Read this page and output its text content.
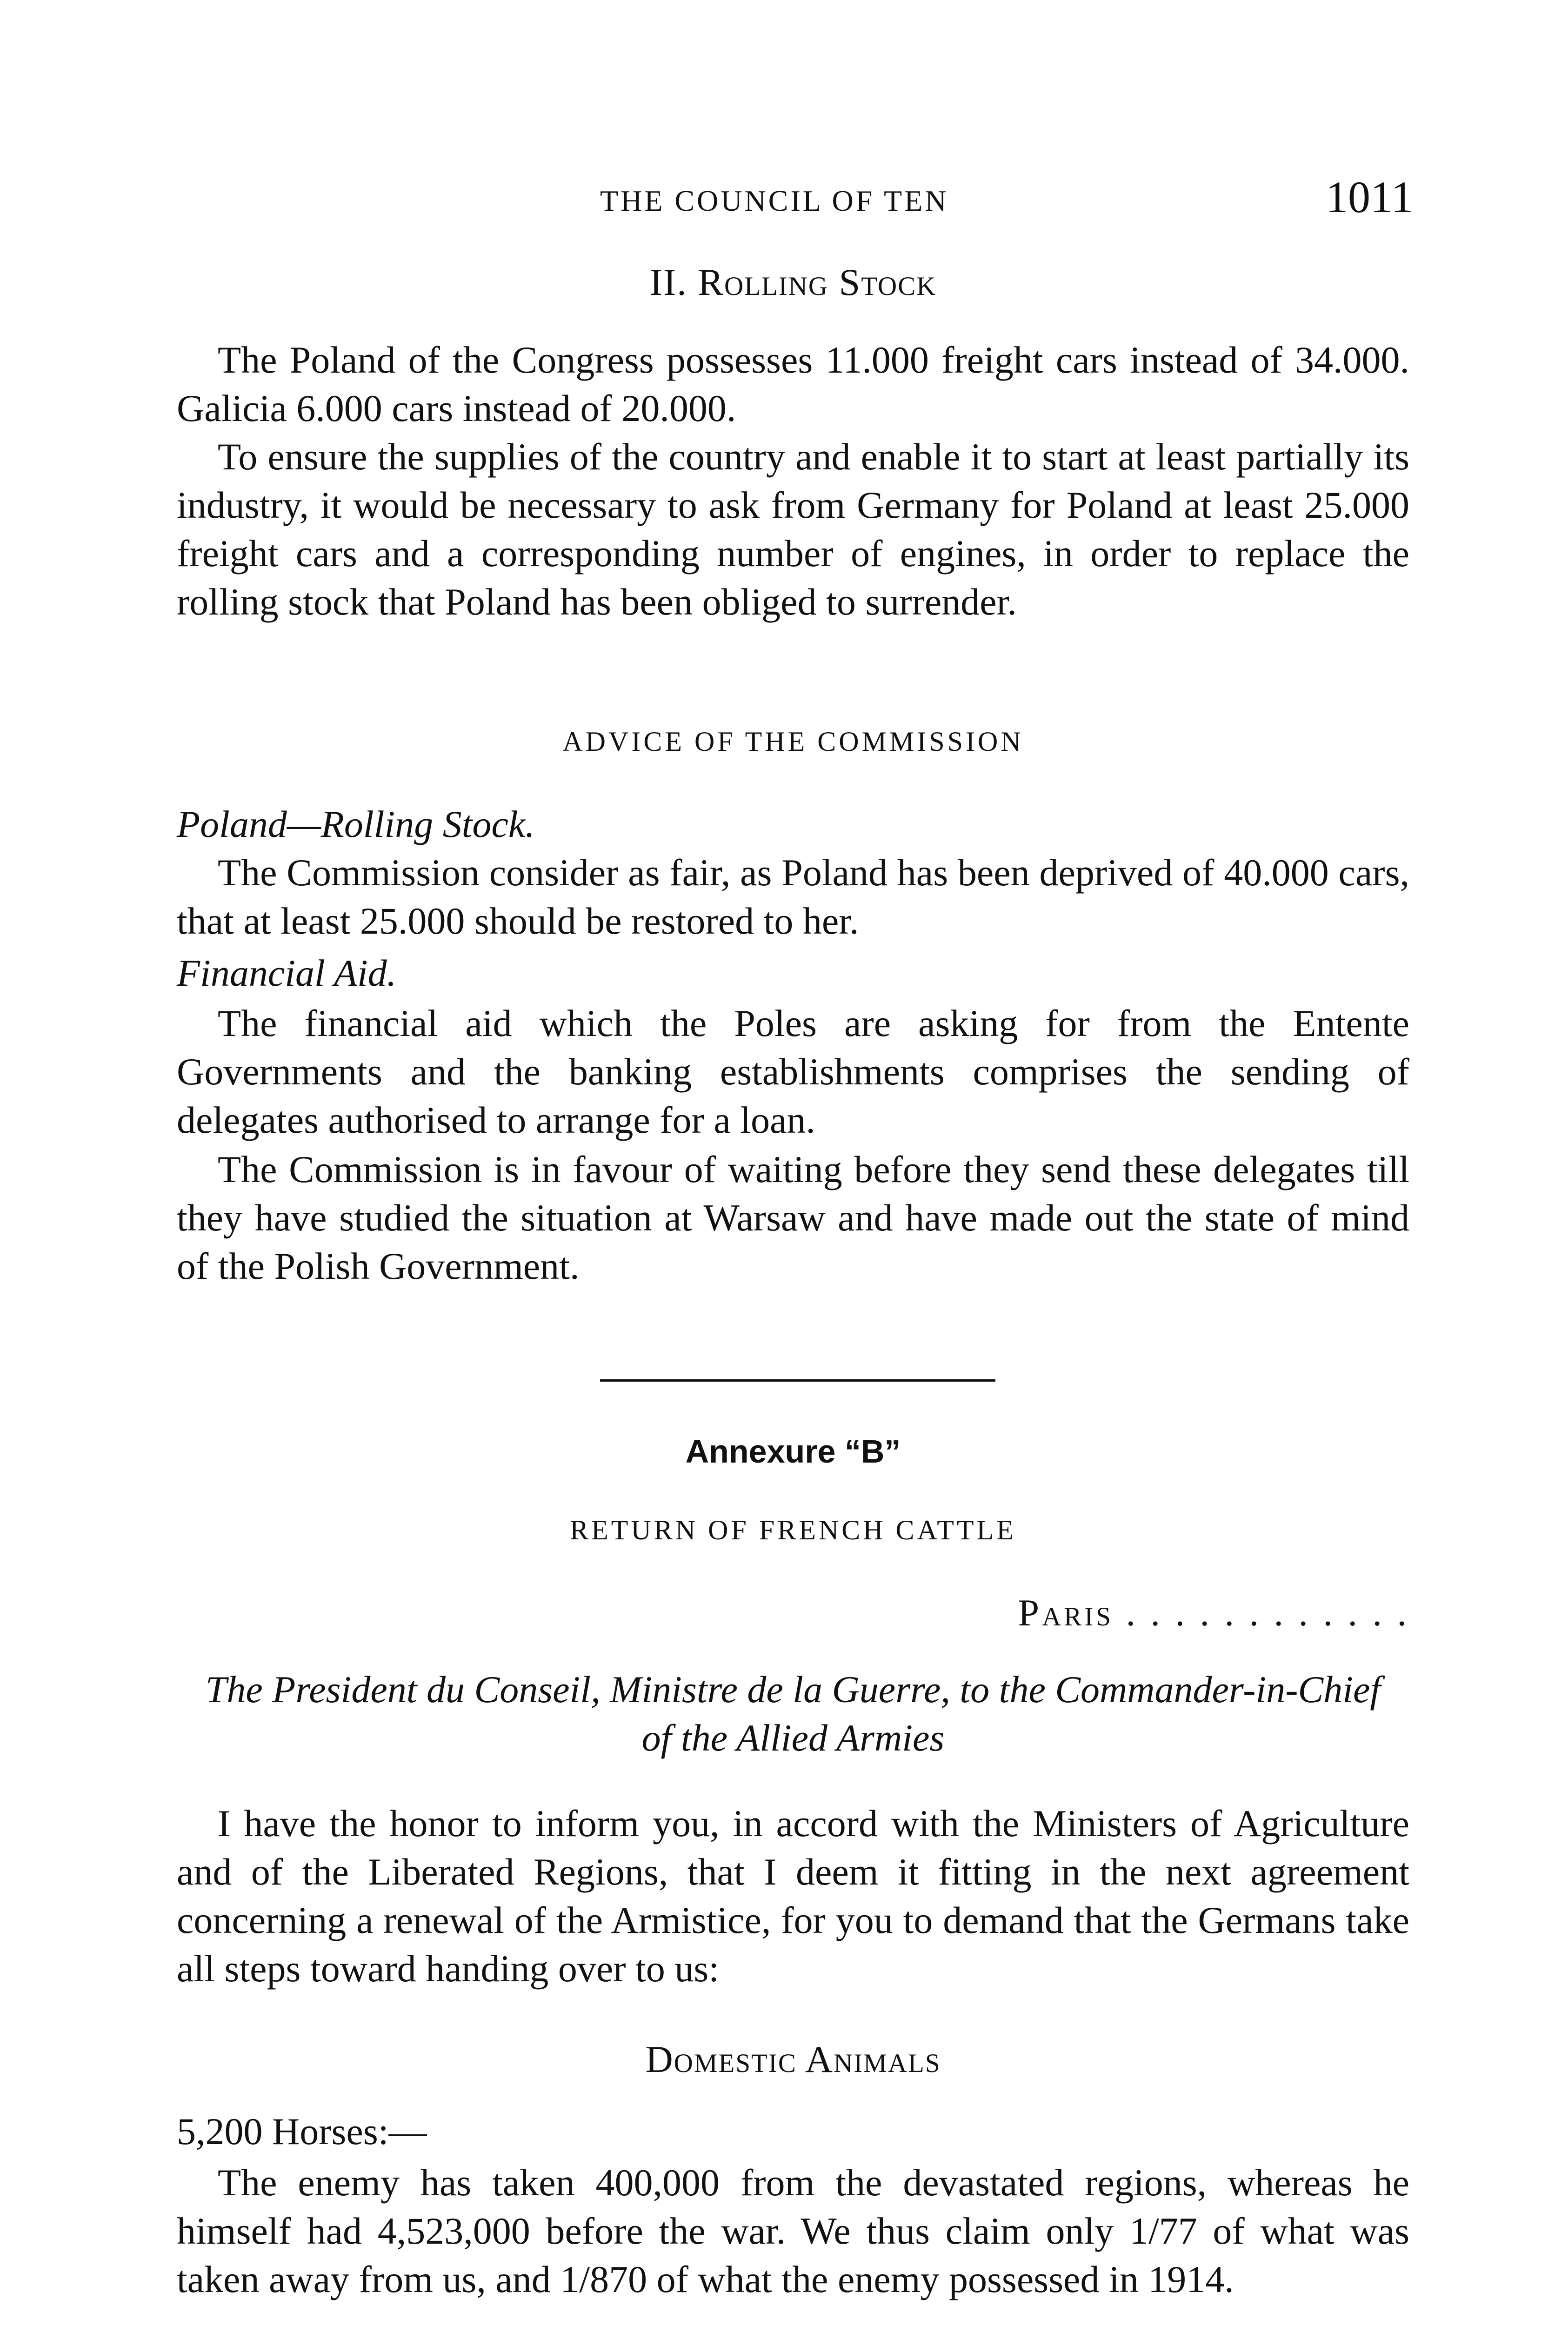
THE COUNCIL OF TEN	1011
II. Rolling Stock

The Poland of the Congress possesses 11.000 freight cars instead of 34.000. Galicia 6.000 cars instead of 20.000.

To ensure the supplies of the country and enable it to start at least partially its industry, it would be necessary to ask from Germany for Poland at least 25.000 freight cars and a corresponding number of engines, in order to replace the rolling stock that Poland has been obliged to surrender.

ADVICE OF THE COMMISSION
Poland—Rolling Stock.

The Commission consider as fair, as Poland has been deprived of 40.000 cars, that at least 25.000 should be restored to her.

Financial Aid.

The financial aid which the Poles are asking for from the Entente Governments and the banking establishments comprises the sending of delegates authorised to arrange for a loan.

The Commission is in favour of waiting before they send these delegates till they have studied the situation at Warsaw and have made out the state of mind of the Polish Government.

Annexure “B”
RETURN OF FRENCH CATTLE
Paris . . . . . . . . . . . .
The President du Conseil, Ministre de la Guerre, to the Commander-in-Chief of the Allied Armies

I have the honor to inform you, in accord with the Ministers of Agriculture and of the Liberated Regions, that I deem it fitting in the next agreement concerning a renewal of the Armistice, for you to demand that the Germans take all steps toward handing over to us:

Domestic Animals
5,200 Horses:—

The enemy has taken 400,000 from the devastated regions, whereas he himself had 4,523,000 before the war. We thus claim only 1/77 of what was taken away from us, and 1/870 of what the enemy possessed in 1914.
